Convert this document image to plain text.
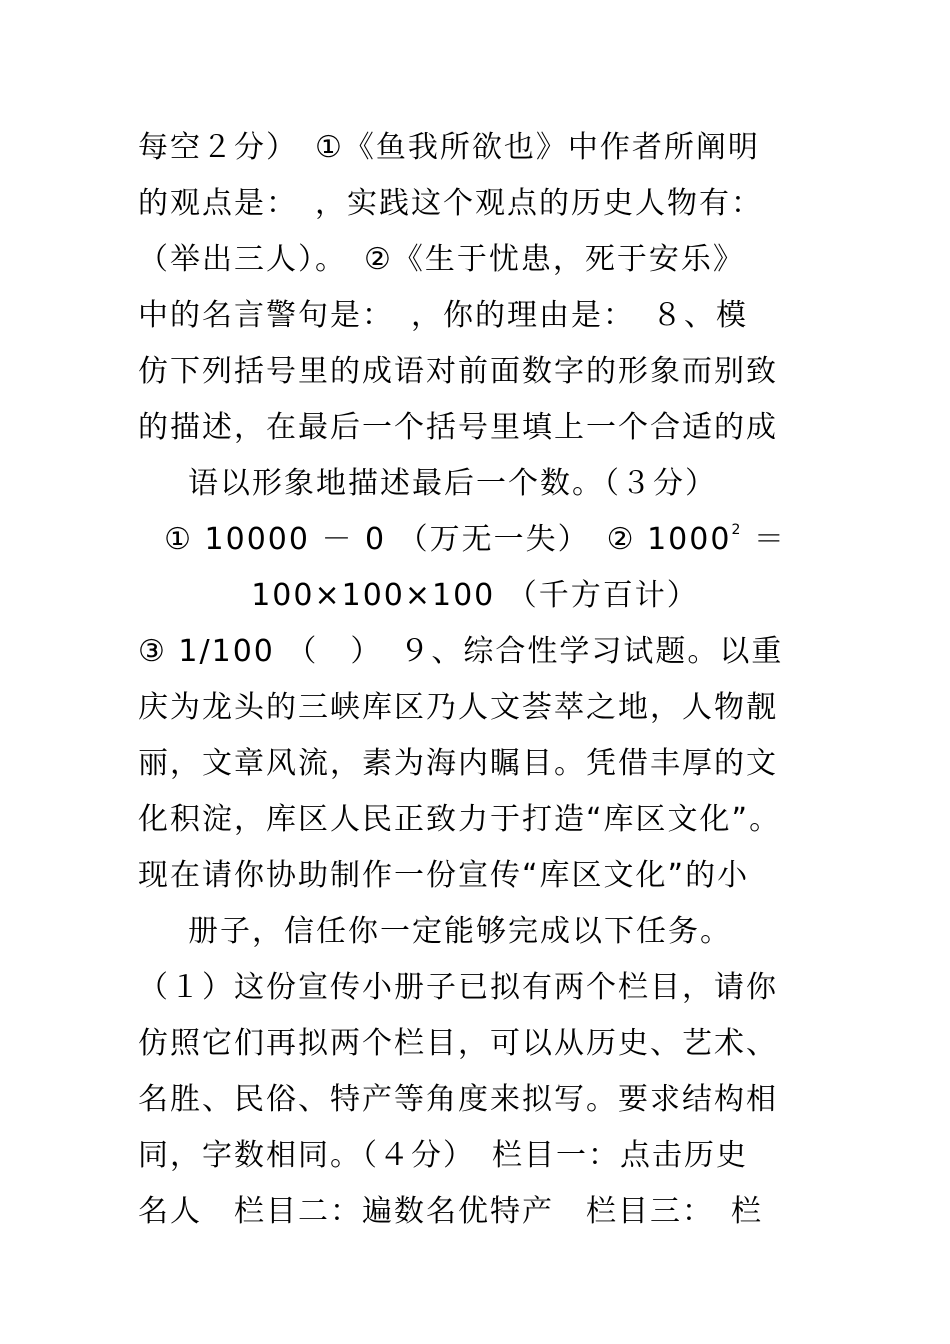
每空２分）　①《鱼我所欲也》中作者所阐明
的观点是：　，实践这个观点的历史人物有：
（举出三人）。　②《生于忧患，死于安乐》
中的名言警句是：　，你的理由是：　８、模
仿下列括号里的成语对前面数字的形象而别致
的描述，在最后一个括号里填上一个合适的成
语以形象地描述最后一个数。（３分）
① 10000 － 0 （万无一失）　② $1000^2$ ＝
100×100×100 （千方百计）
③ 1/100 （　）　９、综合性学习试题。以重
庆为龙头的三峡库区乃人文荟萃之地，人物靓
丽，文章风流，素为海内瞩目。凭借丰厚的文
化积淀，库区人民正致力于打造“库区文化”。
现在请你协助制作一份宣传“库区文化”的小
册子，信任你一定能够完成以下任务。
（１）这份宣传小册子已拟有两个栏目，请你
仿照它们再拟两个栏目，可以从历史、艺术、
名胜、民俗、特产等角度来拟写。要求结构相
同，字数相同。（４分）　栏目一：点击历史
名人　栏目二：遍数名优特产　栏目三：　栏
